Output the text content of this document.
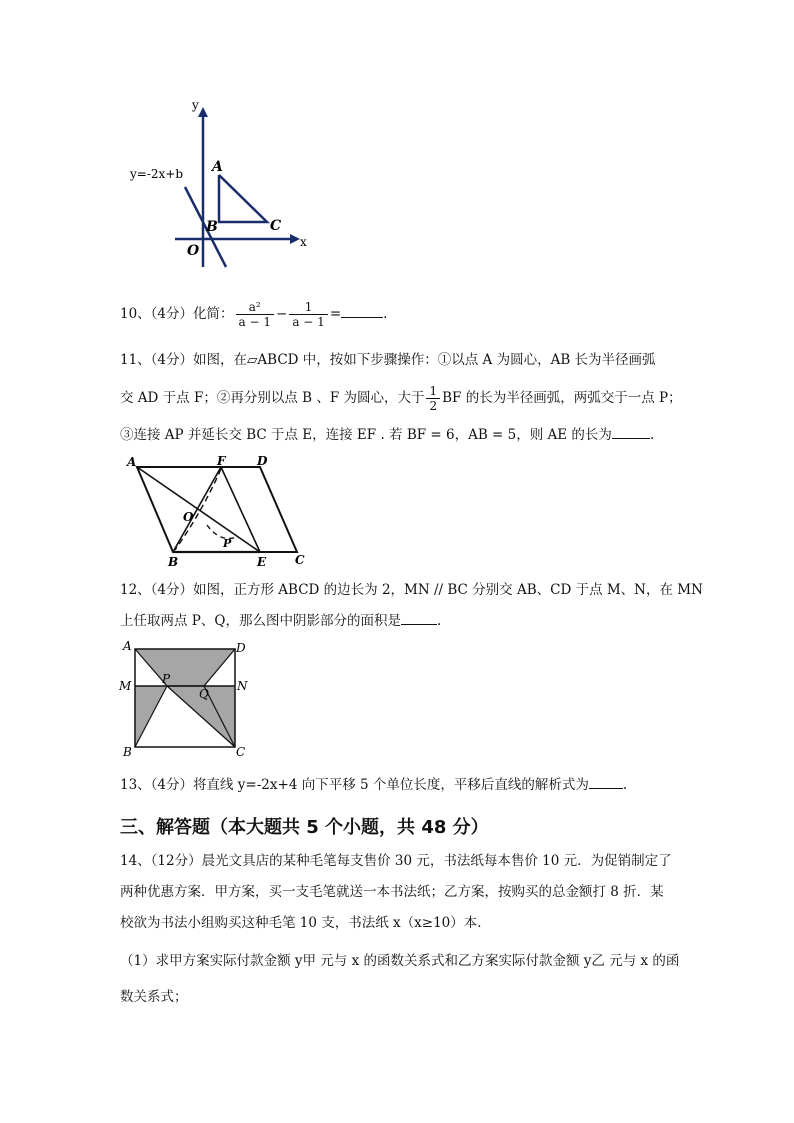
y
x
y=-2x+b A
B	C
O
10、（4分）化简： $\frac{\text{a²}}{a - 1} - \frac{1}{a - 1}$ =	.
11、（4分）如图，在▱ABCD 中，按如下步骤操作：①以点 A 为圆心，AB 长为半径画弧
交 AD 于点 F；②再分别以点 B 、F 为圆心，大于 $\frac{1}{2}$ BF 的长为半径画弧，两弧交于一点 P；
③连接 AP 并延长交 BC 于点 E，连接 EF . 若 BF = 6，AB = 5，则 AE 的长为	.
A	F	D
O
P
B	E C
12、（4分）如图，正方形 ABCD 的边长为 2，MN // BC 分别交 AB、CD 于点 M、N，在 MN
上任取两点 P、Q，那么图中阴影部分的面积是	.
A	D
M	P
Q
N
B	C
13、（4分）将直线 y=-2x+4 向下平移 5 个单位长度，平移后直线的解析式为	.
三、解答题（本大题共 5 个小题，共 48 分）
14、（12分）晨光文具店的某种毛笔每支售价 30 元，书法纸每本售价 10 元．为促销制定了
两种优惠方案．甲方案，买一支毛笔就送一本书法纸；乙方案，按购买的总金额打 8 折．某
校欲为书法小组购买这种毛笔 10 支，书法纸 x（x≥10）本．
（1）求甲方案实际付款金额 y甲 元与 x 的函数关系式和乙方案实际付款金额 y乙 元与 x 的函
数关系式；
